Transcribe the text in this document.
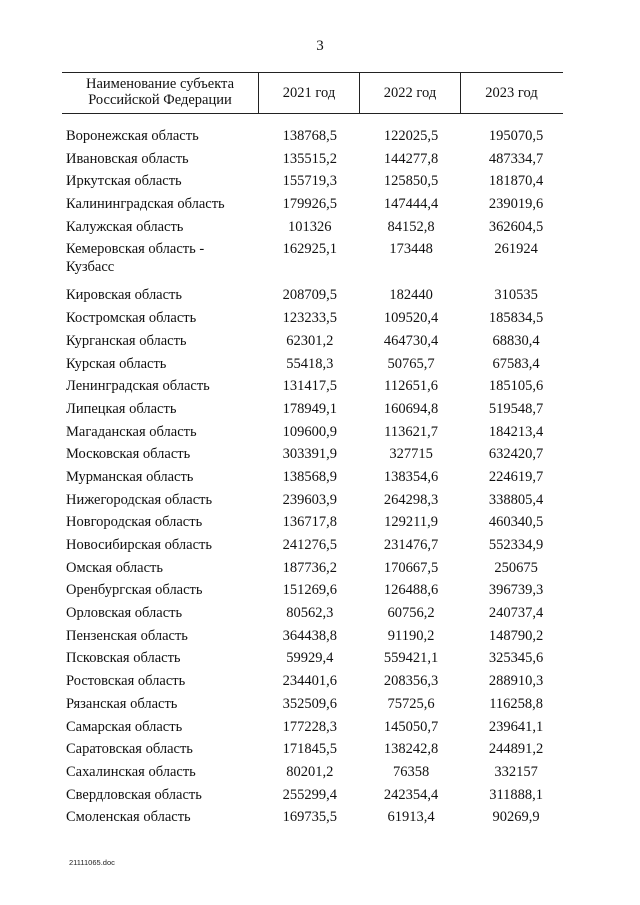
3
Наименование субъекта
Российской Федерации	2021 год	2022 год	2023 год
Воронежская область	138768,5	122025,5	195070,5
Ивановская область	135515,2	144277,8	487334,7
Иркутская область	155719,3	125850,5	181870,4
Калининградская область	179926,5	147444,4	239019,6
Калужская область	101326	84152,8	362604,5
Кемеровская область -
Кузбасс
162925,1	173448	261924
Кировская область	208709,5	182440	310535
Костромская область	123233,5	109520,4	185834,5
Курганская область	62301,2	464730,4	68830,4
Курская область	55418,3	50765,7	67583,4
Ленинградская область	131417,5	112651,6	185105,6
Липецкая область	178949,1	160694,8	519548,7
Магаданская область	109600,9	113621,7	184213,4
Московская область	303391,9	327715	632420,7
Мурманская область	138568,9	138354,6	224619,7
Нижегородская область	239603,9	264298,3	338805,4
Новгородская область	136717,8	129211,9	460340,5
Новосибирская область	241276,5	231476,7	552334,9
Омская область	187736,2	170667,5	250675
Оренбургская область	151269,6	126488,6	396739,3
Орловская область	80562,3	60756,2	240737,4
Пензенская область	364438,8	91190,2	148790,2
Псковская область	59929,4	559421,1	325345,6
Ростовская область	234401,6	208356,3	288910,3
Рязанская область	352509,6	75725,6	116258,8
Самарская область	177228,3	145050,7	239641,1
Саратовская область	171845,5	138242,8	244891,2
Сахалинская область	80201,2	76358	332157
Свердловская область	255299,4	242354,4	311888,1
Смоленская область	169735,5	61913,4	90269,9
21111065.doc
